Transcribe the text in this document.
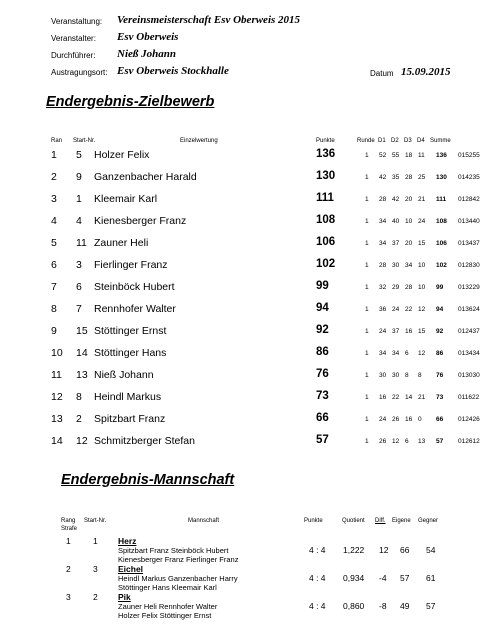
Veranstaltung: Vereinsmeisterschaft Esv Oberweis 2015
Veranstalter: Esv Oberweis
Durchführer: Nieß Johann
Austragungsort: Esv Oberweis Stockhalle	Datum 15.09.2015
Endergebnis-Zielbewerb
Ran Start-Nr.	Einzelwertung	Punkte	Runde D1 D2 D3 D4 Summe
1 5 Holzer Felix	136	1 52 55 18 11 136 015255
2 9 Ganzenbacher Harald	130	1 42 35 28 25 130 014235
3 1 Kleemair Karl	111	1 28 42 20 21 111 012842
4 4 Kienesberger Franz	108	1 34 40 10 24 108 013440
5 11 Zauner Heli	106	1 34 37 20 15 106 013437
6 3 Fierlinger Franz	102	1 28 30 34 10 102 012830
7 6 Steinböck Hubert	99	1 32 29 28 10 99 013229
8 7 Rennhofer Walter	94	1 36 24 22 12 94 013624
9 15 Stöttinger Ernst	92	1 24 37 16 15 92 012437
10 14 Stöttinger Hans	86	1 34 34 6 12 86 013434
11 13 Nieß Johann	76	1 30 30 8 8 76 013030
12 8 Heindl Markus	73	1 16 22 14 21 73 011622
13 2 Spitzbart Franz	66	1 24 26 16 0 66 012426
14 12 Schmitzberger Stefan	57	1 26 12 6 13 57 012612
Endergebnis-Mannschaft
Rang
Strafe
Start-Nr.	Mannschaft	Punkte	Quotient Diff. Eigene Gegner
1	1 Herz
4 : 4 1,222 12 66 54
Spitzbart Franz Steinböck Hubert
Kienesberger Franz Fierlinger Franz
2	3 Eichel
4 : 4 0,934 -4 57 61
Heindl Markus Ganzenbacher Harry
Stöttinger Hans Kleemair Karl
3	2 Pik
4 : 4 0,860 -8 49 57
Zauner Heli Rennhofer Walter
Holzer Felix Stöttinger Ernst
